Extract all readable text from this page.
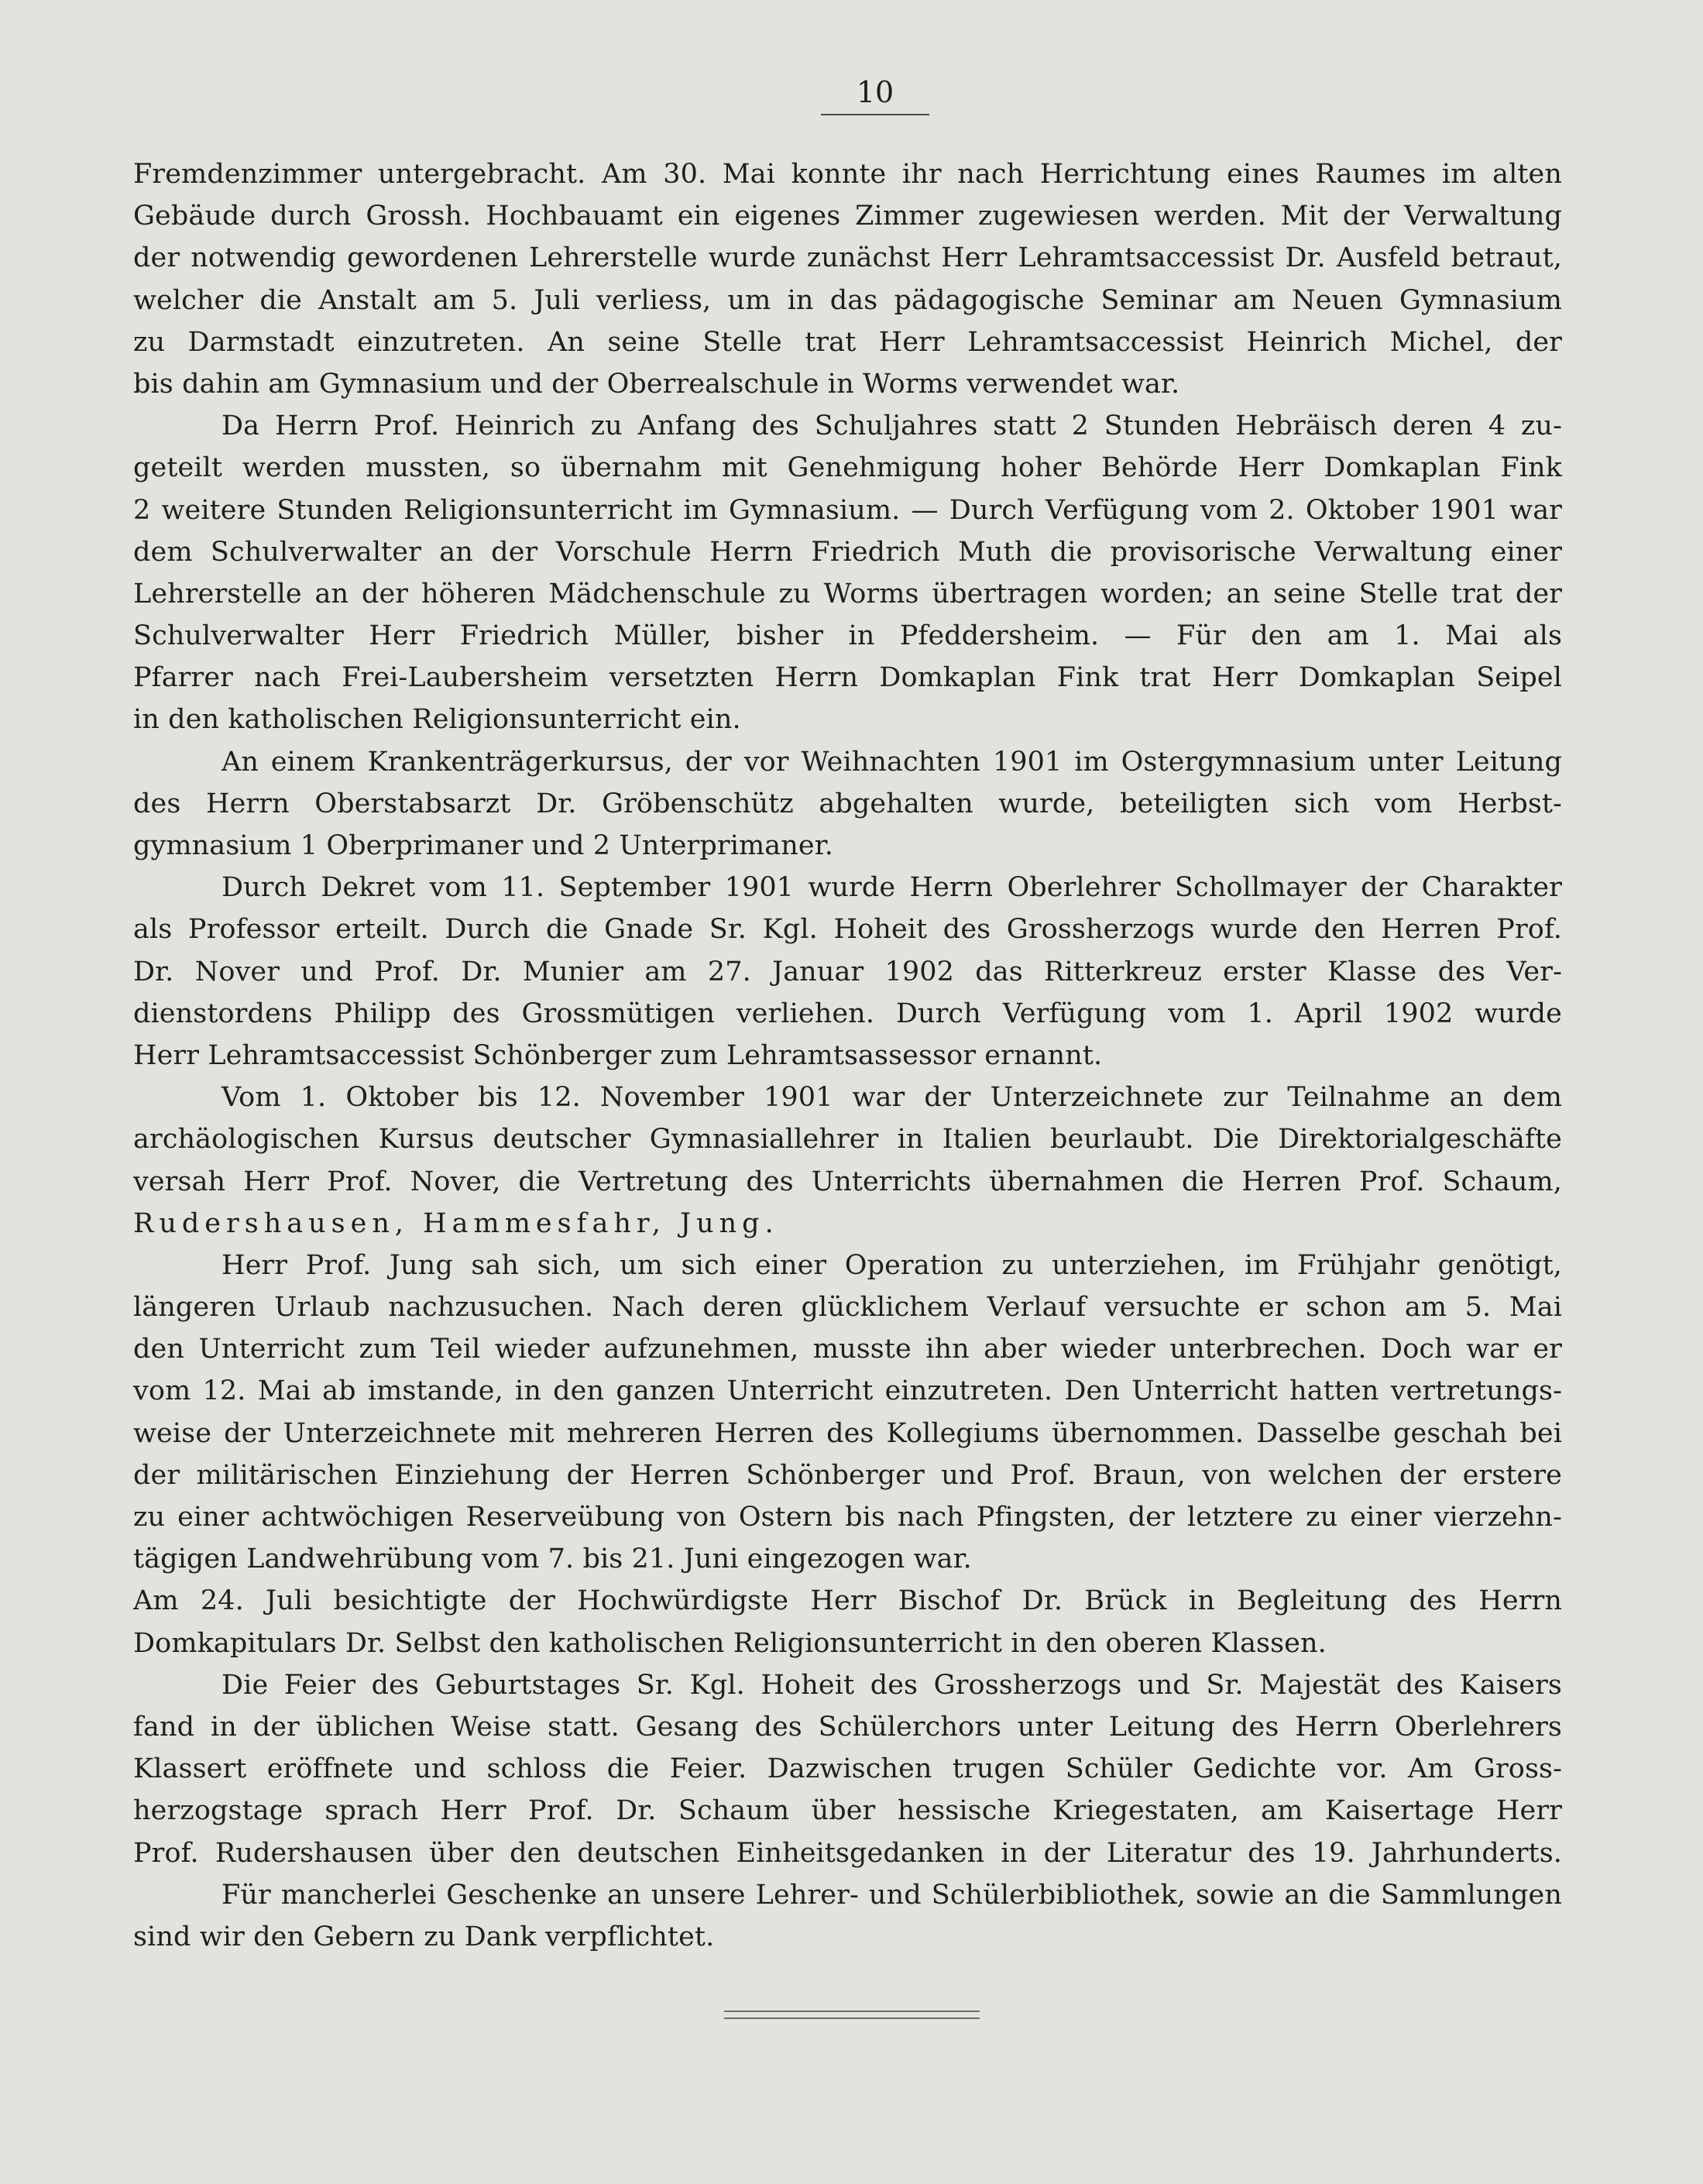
10
Fremdenzimmer untergebracht. Am 30. Mai konnte ihr nach Herrichtung eines Raumes im alten
Gebäude durch Grossh. Hochbauamt ein eigenes Zimmer zugewiesen werden. Mit der Verwaltung
der notwendig gewordenen Lehrerstelle wurde zunächst Herr Lehramtsaccessist Dr. Ausfeld betraut,
welcher die Anstalt am 5. Juli verliess, um in das pädagogische Seminar am Neuen Gymnasium
zu Darmstadt einzutreten. An seine Stelle trat Herr Lehramtsaccessist Heinrich Michel, der
bis dahin am Gymnasium und der Oberrealschule in Worms verwendet war.
Da Herrn Prof. Heinrich zu Anfang des Schuljahres statt 2 Stunden Hebräisch deren 4 zu-
geteilt werden mussten, so übernahm mit Genehmigung hoher Behörde Herr Domkaplan Fink
2 weitere Stunden Religionsunterricht im Gymnasium. — Durch Verfügung vom 2. Oktober 1901 war
dem Schulverwalter an der Vorschule Herrn Friedrich Muth die provisorische Verwaltung einer
Lehrerstelle an der höheren Mädchenschule zu Worms übertragen worden; an seine Stelle trat der
Schulverwalter Herr Friedrich Müller, bisher in Pfeddersheim. — Für den am 1. Mai als
Pfarrer nach Frei-Laubersheim versetzten Herrn Domkaplan Fink trat Herr Domkaplan Seipel
in den katholischen Religionsunterricht ein.
An einem Krankenträgerkursus, der vor Weihnachten 1901 im Ostergymnasium unter Leitung
des Herrn Oberstabsarzt Dr. Gröbenschütz abgehalten wurde, beteiligten sich vom Herbst-
gymnasium 1 Oberprimaner und 2 Unterprimaner.
Durch Dekret vom 11. September 1901 wurde Herrn Oberlehrer Schollmayer der Charakter
als Professor erteilt. Durch die Gnade Sr. Kgl. Hoheit des Grossherzogs wurde den Herren Prof.
Dr. Nover und Prof. Dr. Munier am 27. Januar 1902 das Ritterkreuz erster Klasse des Ver-
dienstordens Philipp des Grossmütigen verliehen. Durch Verfügung vom 1. April 1902 wurde
Herr Lehramtsaccessist Schönberger zum Lehramtsassessor ernannt.
Vom 1. Oktober bis 12. November 1901 war der Unterzeichnete zur Teilnahme an dem
archäologischen Kursus deutscher Gymnasiallehrer in Italien beurlaubt. Die Direktorialgeschäfte
versah Herr Prof. Nover, die Vertretung des Unterrichts übernahmen die Herren Prof. Schaum,
Rudershausen, Hammesfahr, Jung.
Herr Prof. Jung sah sich, um sich einer Operation zu unterziehen, im Frühjahr genötigt,
längeren Urlaub nachzusuchen. Nach deren glücklichem Verlauf versuchte er schon am 5. Mai
den Unterricht zum Teil wieder aufzunehmen, musste ihn aber wieder unterbrechen. Doch war er
vom 12. Mai ab imstande, in den ganzen Unterricht einzutreten. Den Unterricht hatten vertretungs-
weise der Unterzeichnete mit mehreren Herren des Kollegiums übernommen. Dasselbe geschah bei
der militärischen Einziehung der Herren Schönberger und Prof. Braun, von welchen der erstere
zu einer achtwöchigen Reserveübung von Ostern bis nach Pfingsten, der letztere zu einer vierzehn-
tägigen Landwehrübung vom 7. bis 21. Juni eingezogen war.
Am 24. Juli besichtigte der Hochwürdigste Herr Bischof Dr. Brück in Begleitung des Herrn
Domkapitulars Dr. Selbst den katholischen Religionsunterricht in den oberen Klassen.
Die Feier des Geburtstages Sr. Kgl. Hoheit des Grossherzogs und Sr. Majestät des Kaisers
fand in der üblichen Weise statt. Gesang des Schülerchors unter Leitung des Herrn Oberlehrers
Klassert eröffnete und schloss die Feier. Dazwischen trugen Schüler Gedichte vor. Am Gross-
herzogstage sprach Herr Prof. Dr. Schaum über hessische Kriegestaten, am Kaisertage Herr
Prof. Rudershausen über den deutschen Einheitsgedanken in der Literatur des 19. Jahrhunderts.
Für mancherlei Geschenke an unsere Lehrer- und Schülerbibliothek, sowie an die Sammlungen
sind wir den Gebern zu Dank verpflichtet.
